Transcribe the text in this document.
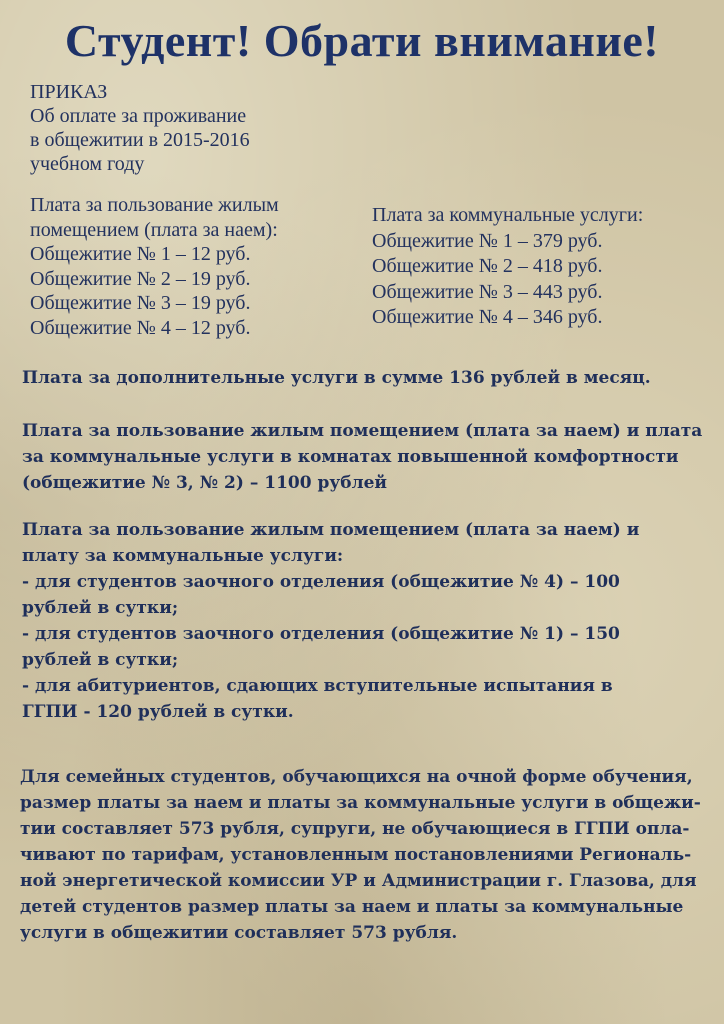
Студент! Обрати внимание!
ПРИКАЗ
Об оплате за проживание
в общежитии в 2015-2016
учебном году
Плата за пользование жилым
помещением (плата за наем):
Общежитие № 1 – 12 руб.
Общежитие № 2 – 19 руб.
Общежитие № 3 – 19 руб.
Общежитие № 4 – 12 руб.
Плата за коммунальные услуги:
Общежитие № 1 – 379 руб.
Общежитие № 2 – 418 руб.
Общежитие № 3 – 443 руб.
Общежитие № 4 – 346 руб.
Плата за дополнительные услуги в сумме 136 рублей в месяц.
Плата за пользование жилым помещением (плата за наем) и плата
за коммунальные услуги в комнатах повышенной комфортности
(общежитие № 3, № 2) – 1100 рублей
Плата за пользование жилым помещением (плата за наем) и
плату за коммунальные услуги:
- для студентов заочного отделения (общежитие № 4) – 100
рублей в сутки;
- для студентов заочного отделения (общежитие № 1) – 150
рублей в сутки;
- для абитуриентов, сдающих вступительные испытания в
ГГПИ - 120 рублей в сутки.
Для семейных студентов, обучающихся на очной форме обучения,
размер платы за наем и платы за коммунальные услуги в общежи-
тии составляет 573 рубля, супруги, не обучающиеся в ГГПИ опла-
чивают по тарифам, установленным постановлениями Региональ-
ной энергетической комиссии УР и Администрации г. Глазова, для
детей студентов размер платы за наем и платы за коммунальные
услуги в общежитии составляет 573 рубля.
